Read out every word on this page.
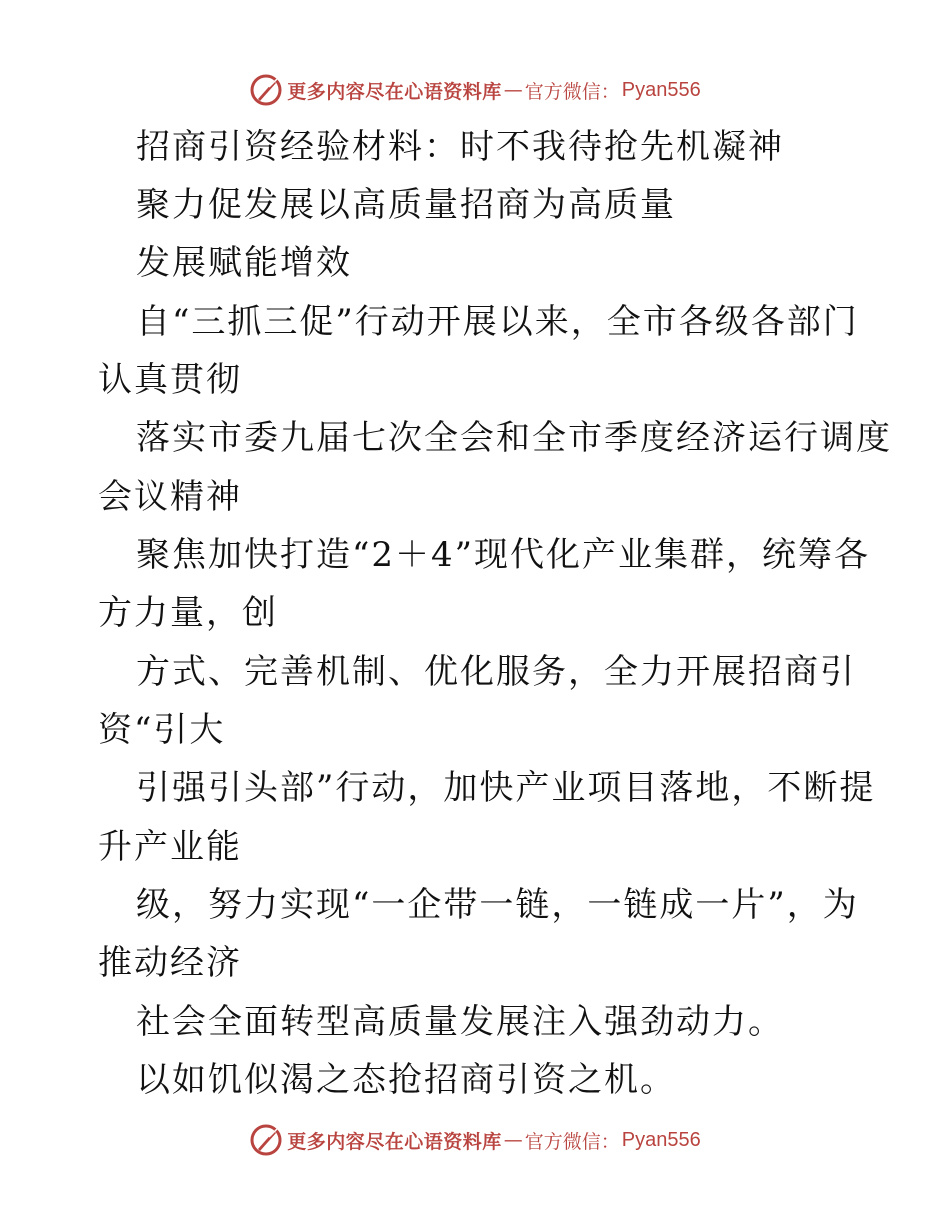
更多内容尽在心语资料库 — 官方微信： Pyan556
招商引资经验材料：时不我待抢先机凝神
聚力促发展以高质量招商为高质量
发展赋能增效
自“三抓三促”行动开展以来，全市各级各部门
认真贯彻
落实市委九届七次全会和全市季度经济运行调度
会议精神
聚焦加快打造“2＋4”现代化产业集群，统筹各
方力量，创
方式、完善机制、优化服务，全力开展招商引
资“引大
引强引头部”行动，加快产业项目落地，不断提
升产业能
级，努力实现“一企带一链，一链成一片”，为
推动经济
社会全面转型高质量发展注入强劲动力。
以如饥似渴之态抢招商引资之机。
更多内容尽在心语资料库 — 官方微信： Pyan556
